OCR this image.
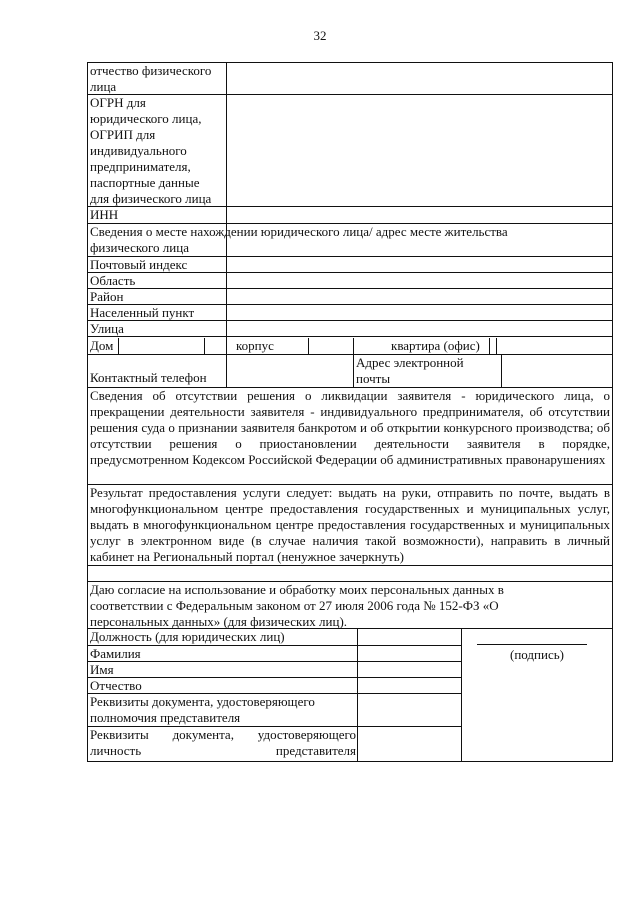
32
отчество физического
лица
ОГРН для
юридического лица,
ОГРИП для
индивидуального
предпринимателя,
паспортные данные
для физического лица
ИНН
Сведения о месте нахождении юридического лица/ адрес месте жительства
физического лица
Почтовый индекс
Область
Район
Населенный пункт
Улица
Дом	корпус	квартира (офис)
Контактный телефон
Адрес электронной
почты
Сведения об отсутствии решения о ликвидации заявителя - юридического лица, о прекращении деятельности заявителя - индивидуального предпринимателя, об отсутствии решения суда о признании заявителя банкротом и об открытии конкурсного производства; об отсутствии решения о приостановлении деятельности заявителя в порядке, предусмотренном Кодексом Российской Федерации об административных правонарушениях
Результат предоставления услуги следует: выдать на руки, отправить по почте, выдать в многофункциональном центре предоставления государственных и муниципальных услуг, выдать в многофункциональном центре предоставления государственных и муниципальных услуг в электронном виде (в случае наличия такой возможности), направить в личный кабинет на Региональный портал (ненужное зачеркнуть)
Даю согласие на использование и обработку моих персональных данных в
соответствии с Федеральным законом от 27 июля 2006 года № 152-ФЗ «О
персональных данных» (для физических лиц).
Должность (для юридических лиц)
Фамилия
Имя
Отчество
Реквизиты документа, удостоверяющего
полномочия представителя
Реквизиты документа, удостоверяющего
личность представителя
(подпись)
